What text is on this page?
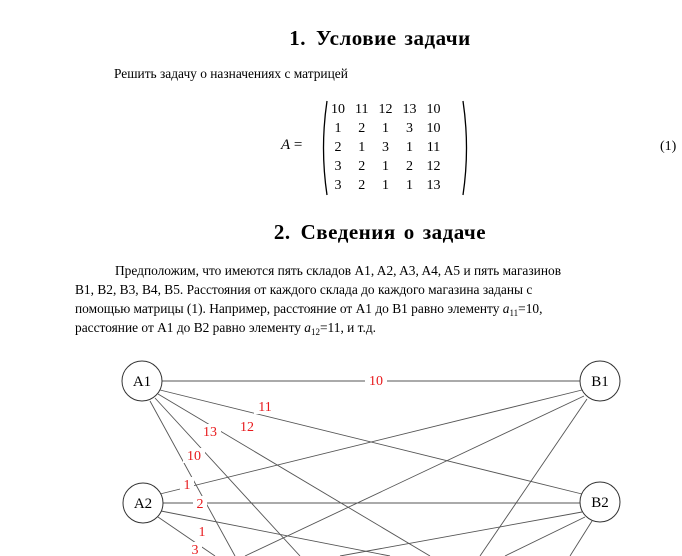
1. Условие задачи
Решить задачу о назначениях с матрицей
A =
10	11	12	13	10
1	2	1	3	10
2	1	3	1	11
3	2	1	2	12
3	2	1	1	13
(1)
2. Сведения о задаче
Предположим, что имеются пять складов A1, A2, A3, A4, A5 и пять магазинов
B1, B2, B3, B4, B5. Расстояния от каждого склада до каждого магазина заданы с
помощью матрицы (1). Например, расстояние от A1 до B1 равно элементу $a_{11}=10$,
расстояние от A1 до B2 равно элементу $a_{12}=11$, и т.д.
10
11
12
13
10
1
2
1
3
A1
A2
B1
B2
